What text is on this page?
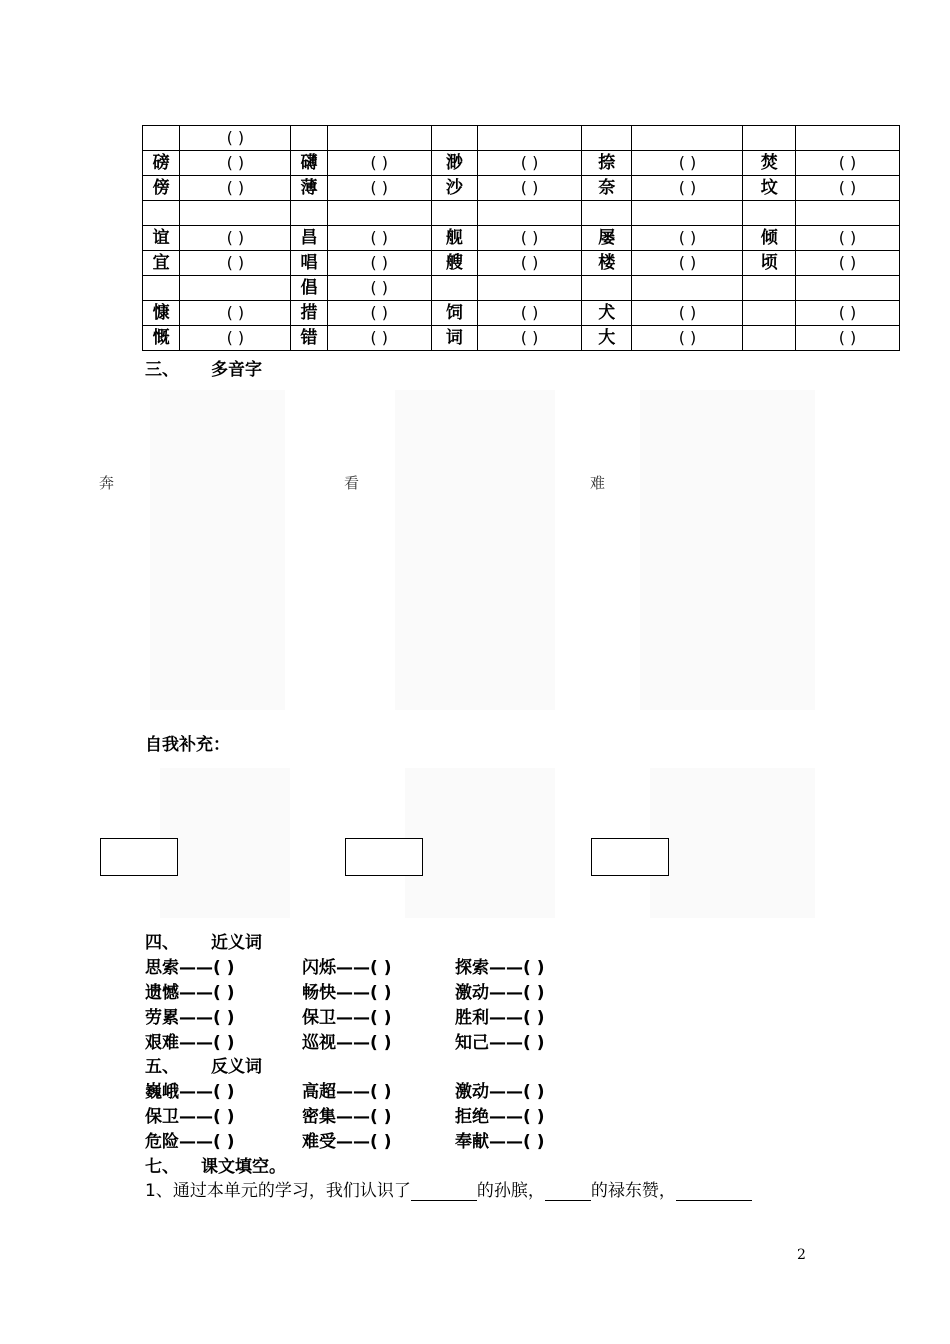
	( )								
磅	( )	礴	( )	渺	( )	捺	( )	焚	( )
傍	( )	薄	( )	沙	( )	奈	( )	坟	( )

谊	( )	昌	( )	舰	( )	屡	( )	倾	( )
宜	( )	唱	( )	艘	( )	楼	( )	顷	( )
		倡	( )						
慷	( )	措	( )	饲	( )	犬	( )		( )
慨	( )	错	( )	词	( )	大	( )		( )
三、 多音字
奔	看	难
自我补充：
四、 近义词
思索——( )	闪烁——( )	探索——( )
遗憾——( )	畅快——( )	激动——( )
劳累——( )	保卫——( )	胜利——( )
艰难——( )	巡视——( )	知己——( )
五、 反义词
巍峨——( )	高超——( )	激动——( )
保卫——( )	密集——( )	拒绝——( )
危险——( )	难受——( )	奉献——( )
七、 课文填空。
1、通过本单元的学习，我们认识了	的孙膑，	的禄东赞，
2
